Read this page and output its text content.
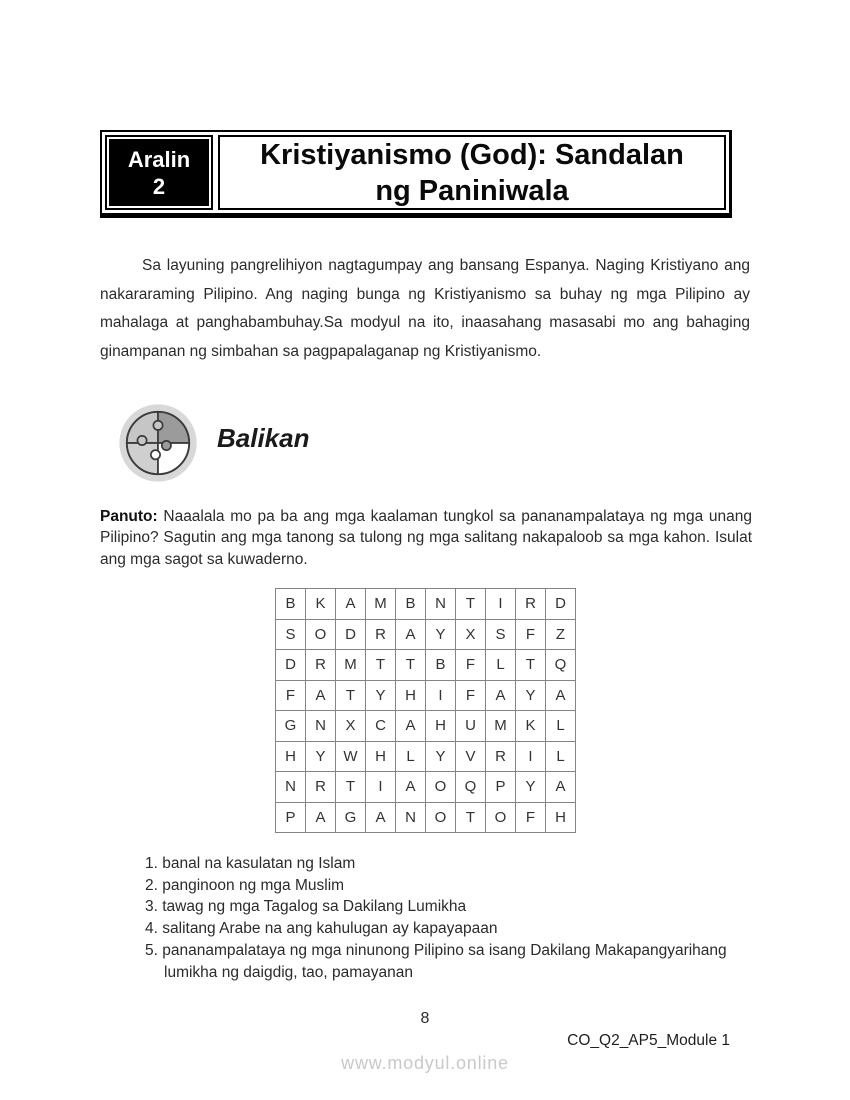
Aralin
2
Kristiyanismo (God): Sandalan
ng Paniniwala

Sa layuning pangrelihiyon nagtagumpay ang bansang Espanya. Naging Kristiyano ang nakararaming Pilipino. Ang naging bunga ng Kristiyanismo sa buhay ng mga Pilipino ay mahalaga at panghabambuhay.Sa modyul na ito, inaasahang masasabi mo ang bahaging ginampanan ng simbahan sa pagpapalaganap ng Kristiyanismo.

Balikan

Panuto: Naaalala mo pa ba ang mga kaalaman tungkol sa pananampalataya ng mga unang Pilipino? Sagutin ang mga tanong sa tulong ng mga salitang nakapaloob sa mga kahon. Isulat ang mga sagot sa kuwaderno.

B	K	A	M	B	N	T	I	R	D
S	O	D	R	A	Y	X	S	F	Z
D	R	M	T	T	B	F	L	T	Q
F	A	T	Y	H	I	F	A	Y	A
G	N	X	C	A	H	U	M	K	L
H	Y	W	H	L	Y	V	R	I	L
N	R	T	I	A	O	Q	P	Y	A
P	A	G	A	N	O	T	O	F	H
1. banal na kasulatan ng Islam
2. panginoon ng mga Muslim
3. tawag ng mga Tagalog sa Dakilang Lumikha
4. salitang Arabe na ang kahulugan ay kapayapaan
5. pananampalataya ng mga ninunong Pilipino sa isang Dakilang Makapangyarihang lumikha ng daigdig, tao, pamayanan
8
CO_Q2_AP5_Module 1
www.modyul.online
